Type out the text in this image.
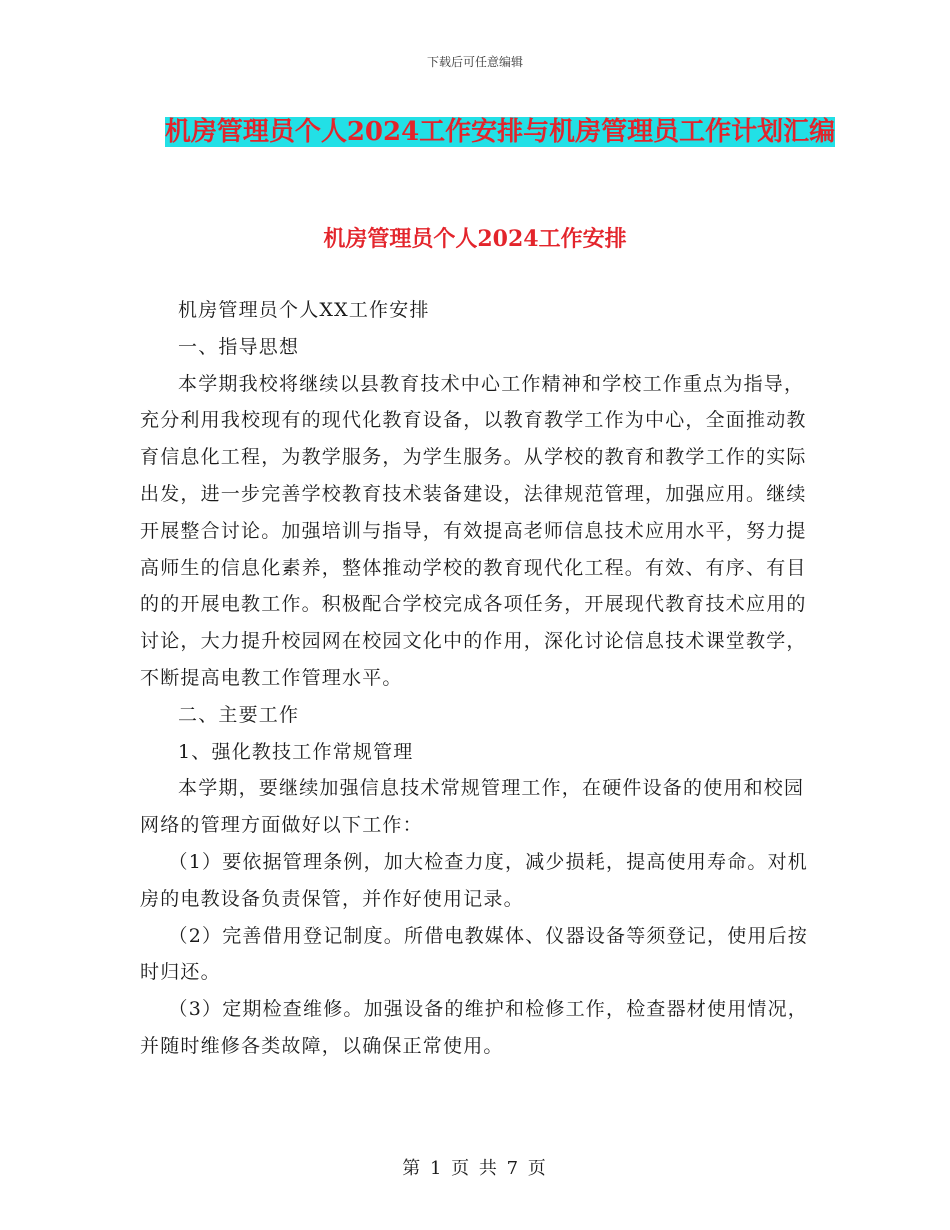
下载后可任意编辑
机房管理员个人2024工作安排与机房管理员工作计划汇编
机房管理员个人2024工作安排

机房管理员个人XX工作安排

一、指导思想

本学期我校将继续以县教育技术中心工作精神和学校工作重点为指导，充分利用我校现有的现代化教育设备，以教育教学工作为中心，全面推动教育信息化工程，为教学服务，为学生服务。从学校的教育和教学工作的实际出发，进一步完善学校教育技术装备建设，法律规范管理，加强应用。继续开展整合讨论。加强培训与指导，有效提高老师信息技术应用水平，努力提高师生的信息化素养，整体推动学校的教育现代化工程。有效、有序、有目的的开展电教工作。积极配合学校完成各项任务，开展现代教育技术应用的讨论，大力提升校园网在校园文化中的作用，深化讨论信息技术课堂教学，不断提高电教工作管理水平。

二、主要工作

1、强化教技工作常规管理

本学期，要继续加强信息技术常规管理工作，在硬件设备的使用和校园网络的管理方面做好以下工作：

（1）要依据管理条例，加大检查力度，减少损耗，提高使用寿命。对机房的电教设备负责保管，并作好使用记录。

（2）完善借用登记制度。所借电教媒体、仪器设备等须登记，使用后按时归还。

（3）定期检查维修。加强设备的维护和检修工作，检查器材使用情况，并随时维修各类故障，以确保正常使用。

第 1 页 共 7 页
